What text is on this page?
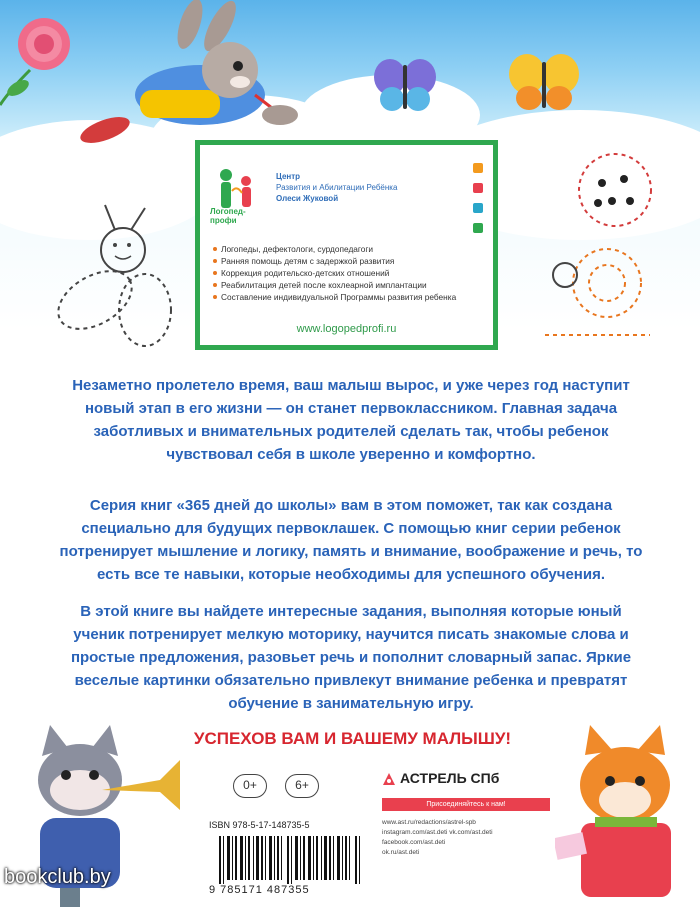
Логопед-профи
Центр
Развития и Абилитации Ребёнка
Олеси Жуковой
Логопеды, дефектологи, сурдопедагоги
Ранняя помощь детям с задержкой развития
Коррекция родительско-детских отношений
Реабилитация детей после кохлеарной имплантации
Составление индивидуальной Программы развития ребенка
www.logopedprofi.ru

Незаметно пролетело время, ваш малыш вырос, и уже через год наступит новый этап в его жизни — он станет первоклассником. Главная задача заботливых и внимательных родителей сделать так, чтобы ребенок чувствовал себя в школе уверенно и комфортно.

Серия книг «365 дней до школы» вам в этом поможет, так как создана специально для будущих первоклашек. С помощью книг серии ребенок потренирует мышление и логику, память и внимание, воображение и речь, то есть все те навыки, которые необходимы для успешного обучения.

В этой книге вы найдете интересные задания, выполняя которые юный ученик потренирует мелкую моторику, научится писать знакомые слова и простые предложения, разовьет речь и пополнит словарный запас. Яркие веселые картинки обязательно привлекут внимание ребенка и превратят обучение в занимательную игру.

УСПЕХОВ ВАМ И ВАШЕМУ МАЛЫШУ!
0+	6+
ISBN 978-5-17-148735-5
9 785171 487355
АСТРЕЛЬ СПб
Присоединяйтесь к нам!
www.ast.ru/redactions/astrel-spb
instagram.com/ast.deti vk.com/ast.deti
facebook.com/ast.deti
ok.ru/ast.deti
bookclub.by
